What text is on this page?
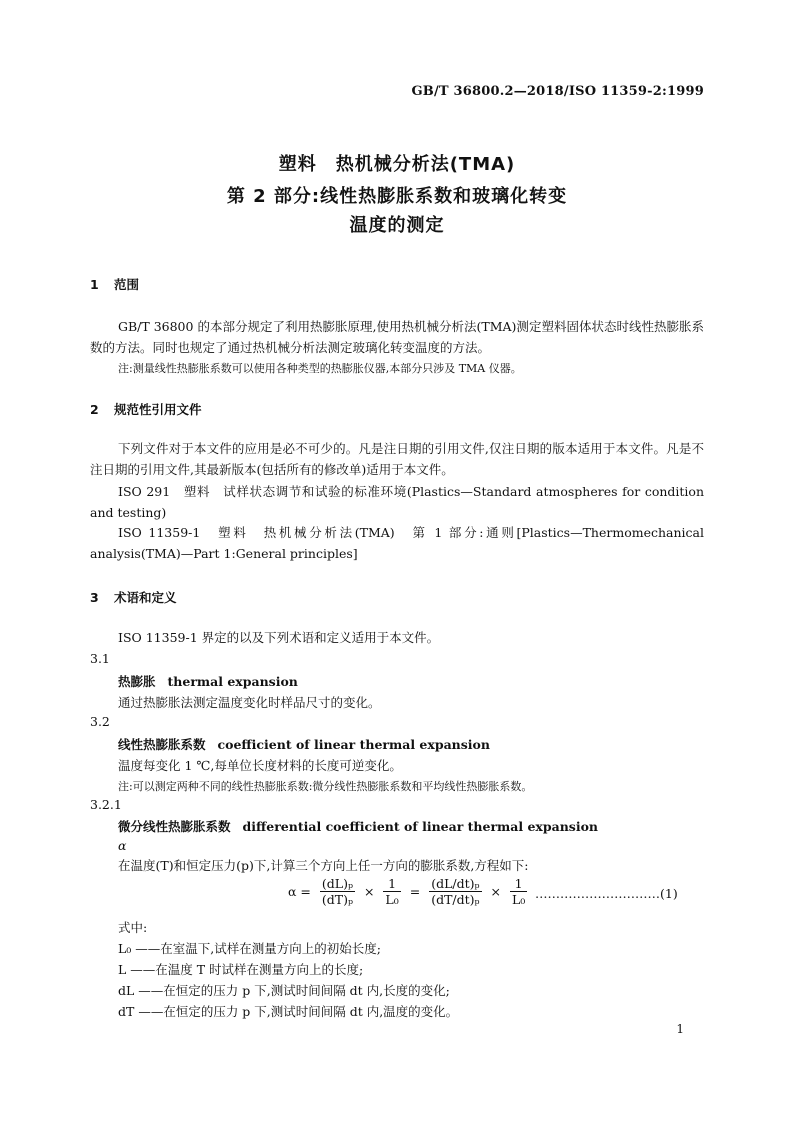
GB/T 36800.2—2018/ISO 11359-2:1999
塑料　热机械分析法(TMA)
第 2 部分:线性热膨胀系数和玻璃化转变
温度的测定
1 范围
GB/T 36800 的本部分规定了利用热膨胀原理,使用热机械分析法(TMA)测定塑料固体状态时线性热膨胀系数的方法。同时也规定了通过热机械分析法测定玻璃化转变温度的方法。
注:测量线性热膨胀系数可以使用各种类型的热膨胀仪器,本部分只涉及 TMA 仪器。
2 规范性引用文件
下列文件对于本文件的应用是必不可少的。凡是注日期的引用文件,仅注日期的版本适用于本文件。凡是不注日期的引用文件,其最新版本(包括所有的修改单)适用于本文件。
ISO 291　塑料　试样状态调节和试验的标准环境(Plastics—Standard atmospheres for condition and testing)
ISO 11359-1　塑料　热机械分析法(TMA)　第 1 部分:通则[Plastics—Thermomechanical analysis(TMA)—Part 1:General principles]
3 术语和定义
ISO 11359-1 界定的以及下列术语和定义适用于本文件。
3.1
热膨胀 thermal expansion
通过热膨胀法测定温度变化时样品尺寸的变化。
3.2
线性热膨胀系数 coefficient of linear thermal expansion
温度每变化 1 ℃,每单位长度材料的长度可逆变化。
注:可以测定两种不同的线性热膨胀系数:微分线性热膨胀系数和平均线性热膨胀系数。
3.2.1
微分线性热膨胀系数 differential coefficient of linear thermal expansion
α
在温度(T)和恒定压力(p)下,计算三个方向上任一方向的膨胀系数,方程如下:
$\alpha = \frac{\text{(dL)ₚ}}{\text{(dT)ₚ}} \times \frac{1}{\text{L₀}} = \frac{\text{(dL/dt)ₚ}}{\text{(dT/dt)ₚ}} \times \frac{1}{\text{L₀}}$ …………………………(1)
式中:
L₀ ——在室温下,试样在测量方向上的初始长度;
L ——在温度 T 时试样在测量方向上的长度;
dL ——在恒定的压力 p 下,测试时间间隔 dt 内,长度的变化;
dT ——在恒定的压力 p 下,测试时间间隔 dt 内,温度的变化。
1
